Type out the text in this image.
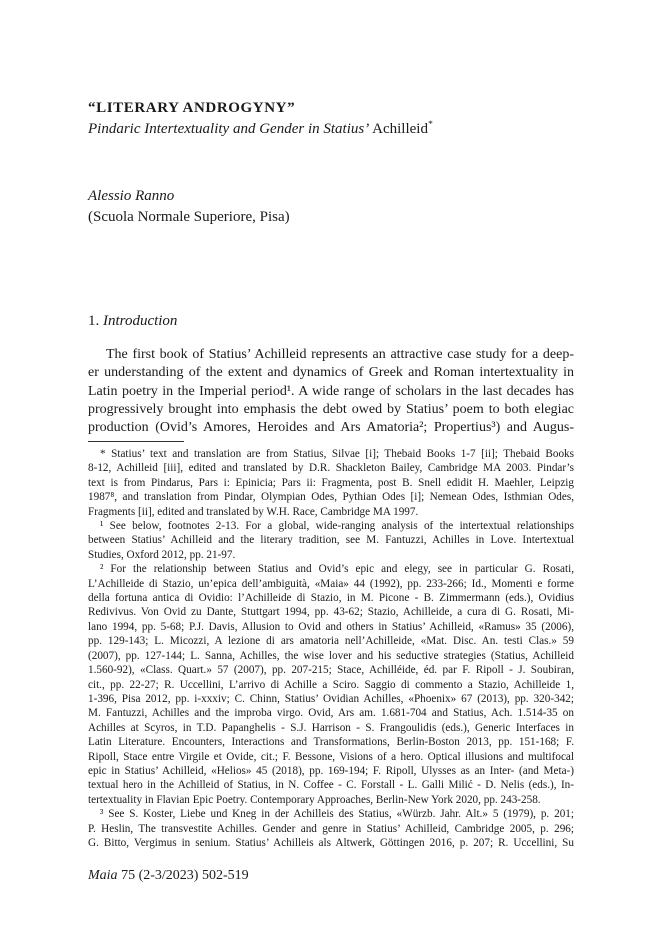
“LITERARY ANDROGYNY”
Pindaric Intertextuality and Gender in Statius’ Achilleid*
Alessio Ranno
(Scuola Normale Superiore, Pisa)
1. Introduction
The first book of Statius’ Achilleid represents an attractive case study for a deep-
er understanding of the extent and dynamics of Greek and Roman intertextuality in
Latin poetry in the Imperial period¹. A wide range of scholars in the last decades has
progressively brought into emphasis the debt owed by Statius’ poem to both elegiac
production (Ovid’s Amores, Heroides and Ars Amatoria²; Propertius³) and Augus-
* Statius’ text and translation are from Statius, Silvae [i]; Thebaid Books 1-7 [ii]; Thebaid Books
8-12, Achilleid [iii], edited and translated by D.R. Shackleton Bailey, Cambridge MA 2003. Pindar’s
text is from Pindarus, Pars i: Epinicia; Pars ii: Fragmenta, post B. Snell edidit H. Maehler, Leipzig
1987⁸, and translation from Pindar, Olympian Odes, Pythian Odes [i]; Nemean Odes, Isthmian Odes,
Fragments [ii], edited and translated by W.H. Race, Cambridge MA 1997.
¹ See below, footnotes 2-13. For a global, wide-ranging analysis of the intertextual relationships
between Statius’ Achilleid and the literary tradition, see M. Fantuzzi, Achilles in Love. Intertextual
Studies, Oxford 2012, pp. 21-97.
² For the relationship between Statius and Ovid’s epic and elegy, see in particular G. Rosati,
L’Achilleide di Stazio, un’epica dell’ambiguità, «Maia» 44 (1992), pp. 233-266; Id., Momenti e forme
della fortuna antica di Ovidio: l’Achilleide di Stazio, in M. Picone - B. Zimmermann (eds.), Ovidius
Redivivus. Von Ovid zu Dante, Stuttgart 1994, pp. 43-62; Stazio, Achilleide, a cura di G. Rosati, Mi-
lano 1994, pp. 5-68; P.J. Davis, Allusion to Ovid and others in Statius’ Achilleid, «Ramus» 35 (2006),
pp. 129-143; L. Micozzi, A lezione di ars amatoria nell’Achilleide, «Mat. Disc. An. testi Clas.» 59
(2007), pp. 127-144; L. Sanna, Achilles, the wise lover and his seductive strategies (Statius, Achilleid
1.560-92), «Class. Quart.» 57 (2007), pp. 207-215; Stace, Achilléide, éd. par F. Ripoll - J. Soubiran,
cit., pp. 22-27; R. Uccellini, L’arrivo di Achille a Sciro. Saggio di commento a Stazio, Achilleide 1,
1-396, Pisa 2012, pp. i-xxxiv; C. Chinn, Statius’ Ovidian Achilles, «Phoenix» 67 (2013), pp. 320-342;
M. Fantuzzi, Achilles and the improba virgo. Ovid, Ars am. 1.681-704 and Statius, Ach. 1.514-35 on
Achilles at Scyros, in T.D. Papanghelis - S.J. Harrison - S. Frangoulidis (eds.), Generic Interfaces in
Latin Literature. Encounters, Interactions and Transformations, Berlin-Boston 2013, pp. 151-168; F.
Ripoll, Stace entre Virgile et Ovide, cit.; F. Bessone, Visions of a hero. Optical illusions and multifocal
epic in Statius’ Achilleid, «Helios» 45 (2018), pp. 169-194; F. Ripoll, Ulysses as an Inter- (and Meta-)
textual hero in the Achilleid of Statius, in N. Coffee - C. Forstall - L. Galli Milić - D. Nelis (eds.), In-
tertextuality in Flavian Epic Poetry. Contemporary Approaches, Berlin-New York 2020, pp. 243-258.
³ See S. Koster, Liebe und Kneg in der Achilleis des Statius, «Würzb. Jahr. Alt.» 5 (1979), p. 201;
P. Heslin, The transvestite Achilles. Gender and genre in Statius’ Achilleid, Cambridge 2005, p. 296;
G. Bitto, Vergimus in senium. Statius’ Achilleis als Altwerk, Göttingen 2016, p. 207; R. Uccellini, Su
Maia 75 (2-3/2023) 502-519
